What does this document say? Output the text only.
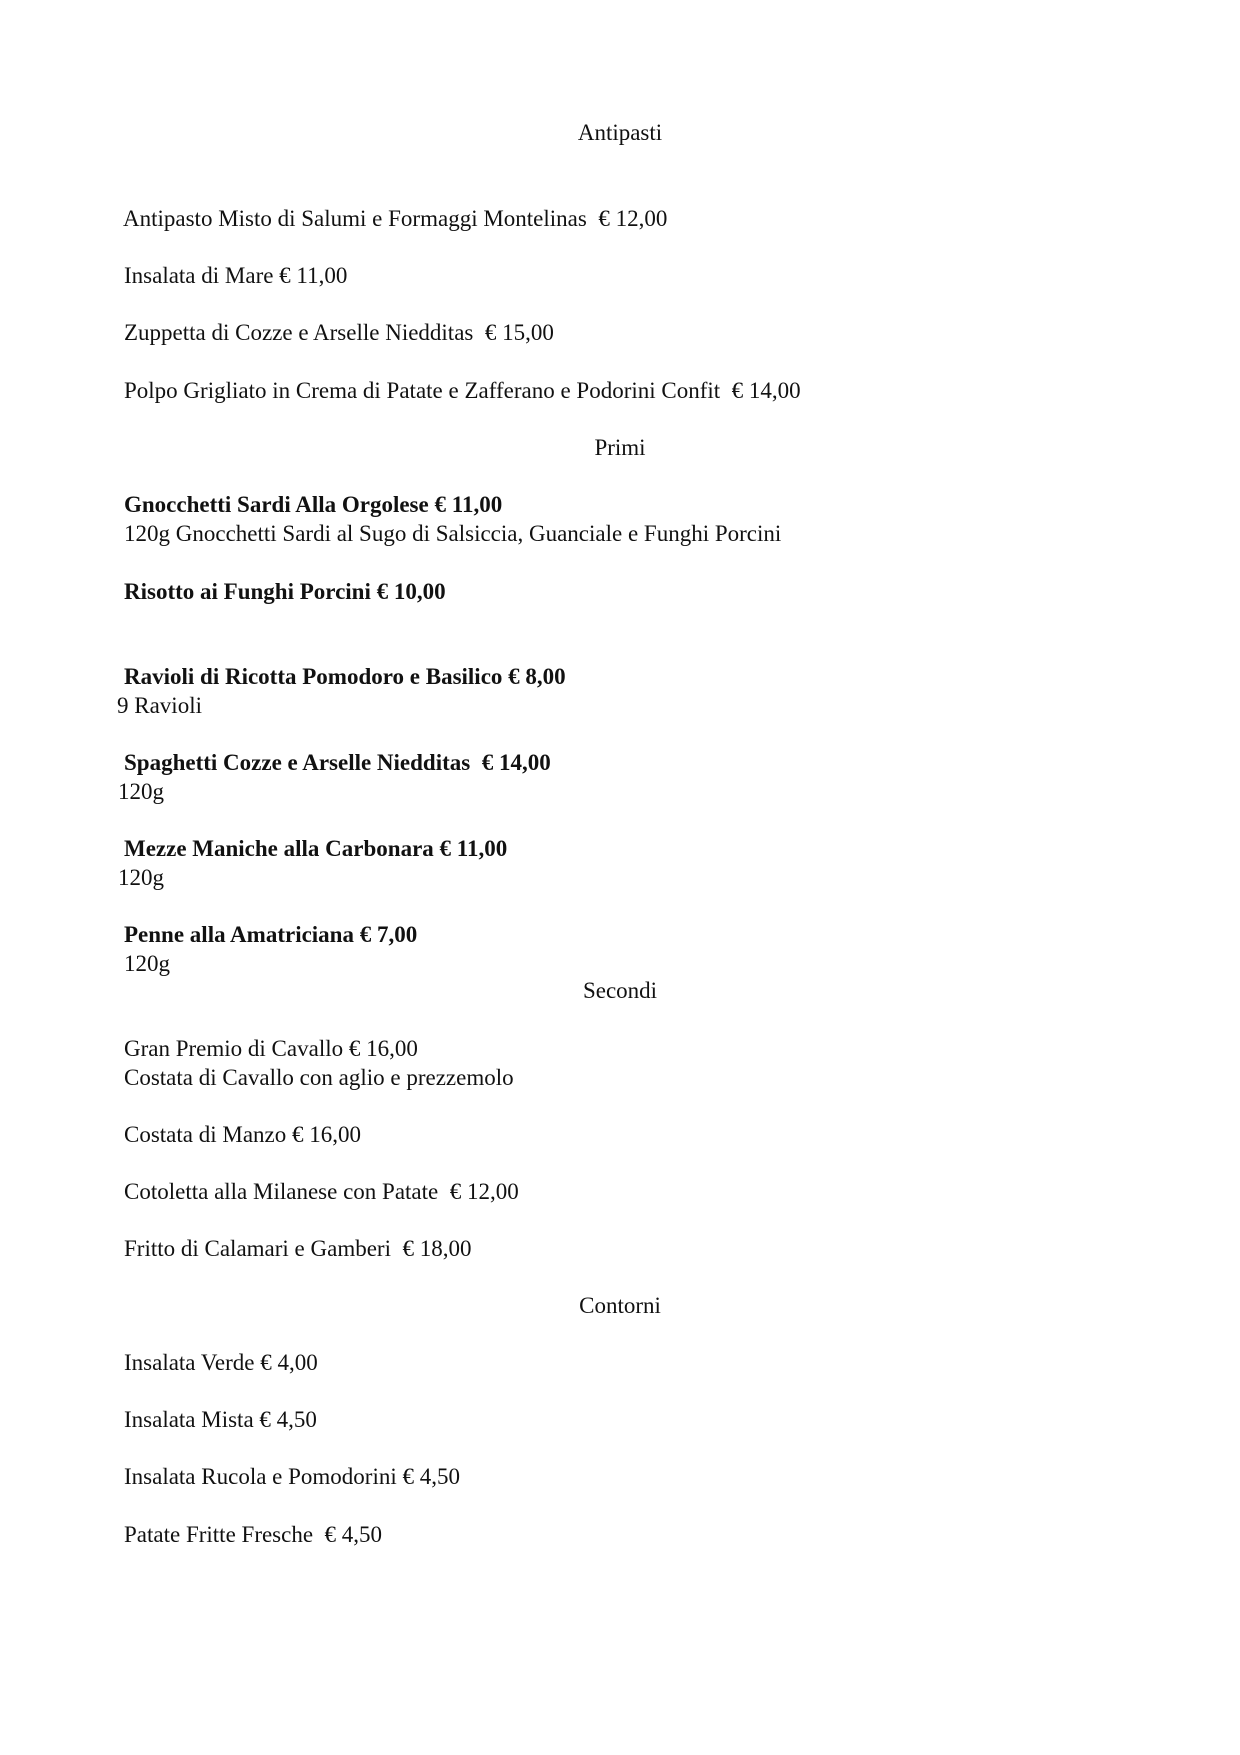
Antipasti
Antipasto Misto di Salumi e Formaggi Montelinas  € 12,00
Insalata di Mare € 11,00
Zuppetta di Cozze e Arselle Niedditas  € 15,00
Polpo Grigliato in Crema di Patate e Zafferano e Podorini Confit  € 14,00
Primi
Gnocchetti Sardi Alla Orgolese € 11,00
120g Gnocchetti Sardi al Sugo di Salsiccia, Guanciale e Funghi Porcini
Risotto ai Funghi Porcini € 10,00
Ravioli di Ricotta Pomodoro e Basilico € 8,00
9 Ravioli
Spaghetti Cozze e Arselle Niedditas  € 14,00
120g
Mezze Maniche alla Carbonara € 11,00
120g
Penne alla Amatriciana € 7,00
120g
Secondi
Gran Premio di Cavallo € 16,00
Costata di Cavallo con aglio e prezzemolo
Costata di Manzo € 16,00
Cotoletta alla Milanese con Patate  € 12,00
Fritto di Calamari e Gamberi  € 18,00
Contorni
Insalata Verde € 4,00
Insalata Mista € 4,50
Insalata Rucola e Pomodorini € 4,50
Patate Fritte Fresche  € 4,50
